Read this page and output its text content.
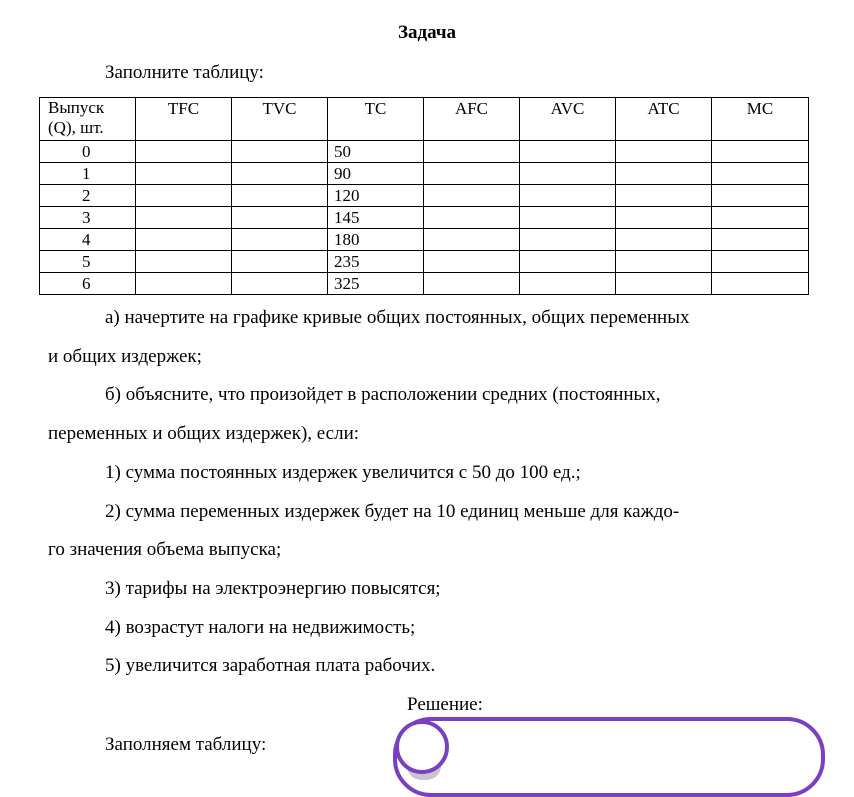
Задача
Заполните таблицу:
Выпуск
(Q), шт.	TFC	TVC	TC	AFC	AVC	ATC	MC
0			50				
1			90				
2			120				
3			145				
4			180				
5			235				
6			325				
а) начертите на графике кривые общих постоянных, общих переменных
и общих издержек;
б) объясните, что произойдет в расположении средних (постоянных,
переменных и общих издержек), если:
1) сумма постоянных издержек увеличится с 50 до 100 ед.;
2) сумма переменных издержек будет на 10 единиц меньше для каждо-
го значения объема выпуска;
3) тарифы на электроэнергию повысятся;
4) возрастут налоги на недвижимость;
5) увеличится заработная плата рабочих.
Решение:
Заполняем таблицу:
